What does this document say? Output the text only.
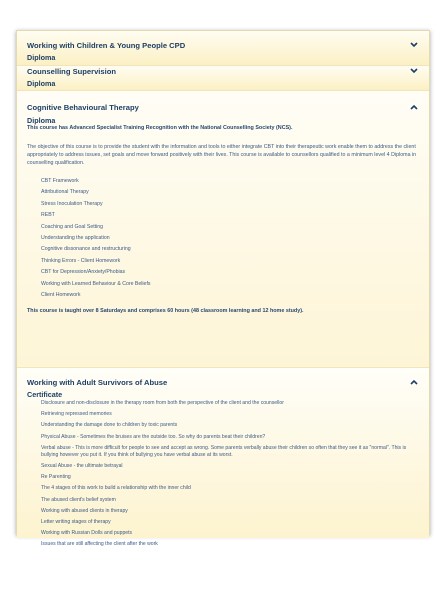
Working with Children & Young People CPD
Diploma
Counselling Supervision
Diploma
Cognitive Behavioural Therapy
Diploma
This course has Advanced Specialist Training Recognition with the National Counselling Society (NCS).
The objective of this course is to provide the student with the information and tools to either integrate CBT into their therapeutic work enable them to address the client appropriately to address issues, set goals and move forward positively with their lives. This course is available to counsellors qualified to a minimum level 4 Diploma in counselling qualification.
CBT Framework
Attributional Therapy
Stress Inoculation Therapy
REBT
Coaching and Goal Setting
Understanding the application
Cognitive dissonance and restructuring
Thinking Errors - Client Homework
CBT for Depression/Anxiety/Phobias
Working with Learned Behaviour & Core Beliefs
Client Homework
This course is taught over 8 Saturdays and comprises 60 hours (48 classroom learning and 12 home study).
Working with Adult Survivors of Abuse
Certificate
Disclosure and non-disclosure in the therapy room from both the perspective of the client and the counsellor
Retrieving repressed memories
Understanding the damage done to children by toxic parents
Physical Abuse - Sometimes the bruises are the outside too. So why do parents beat their children?
Verbal abuse - This is more difficult for people to see and accept as wrong. Some parents verbally abuse their children so often that they see it as "normal". This is bullying however you put it. If you think of bullying you have verbal abuse at its worst.
Sexual Abuse - the ultimate betrayal
Re Parenting
The 4 stages of this work to build a relationship with the inner child
The abused client's belief system
Working with abused clients in therapy
Letter writing stages of therapy
Working with Russian Dolls and puppets
Issues that are still affecting the client after the work
